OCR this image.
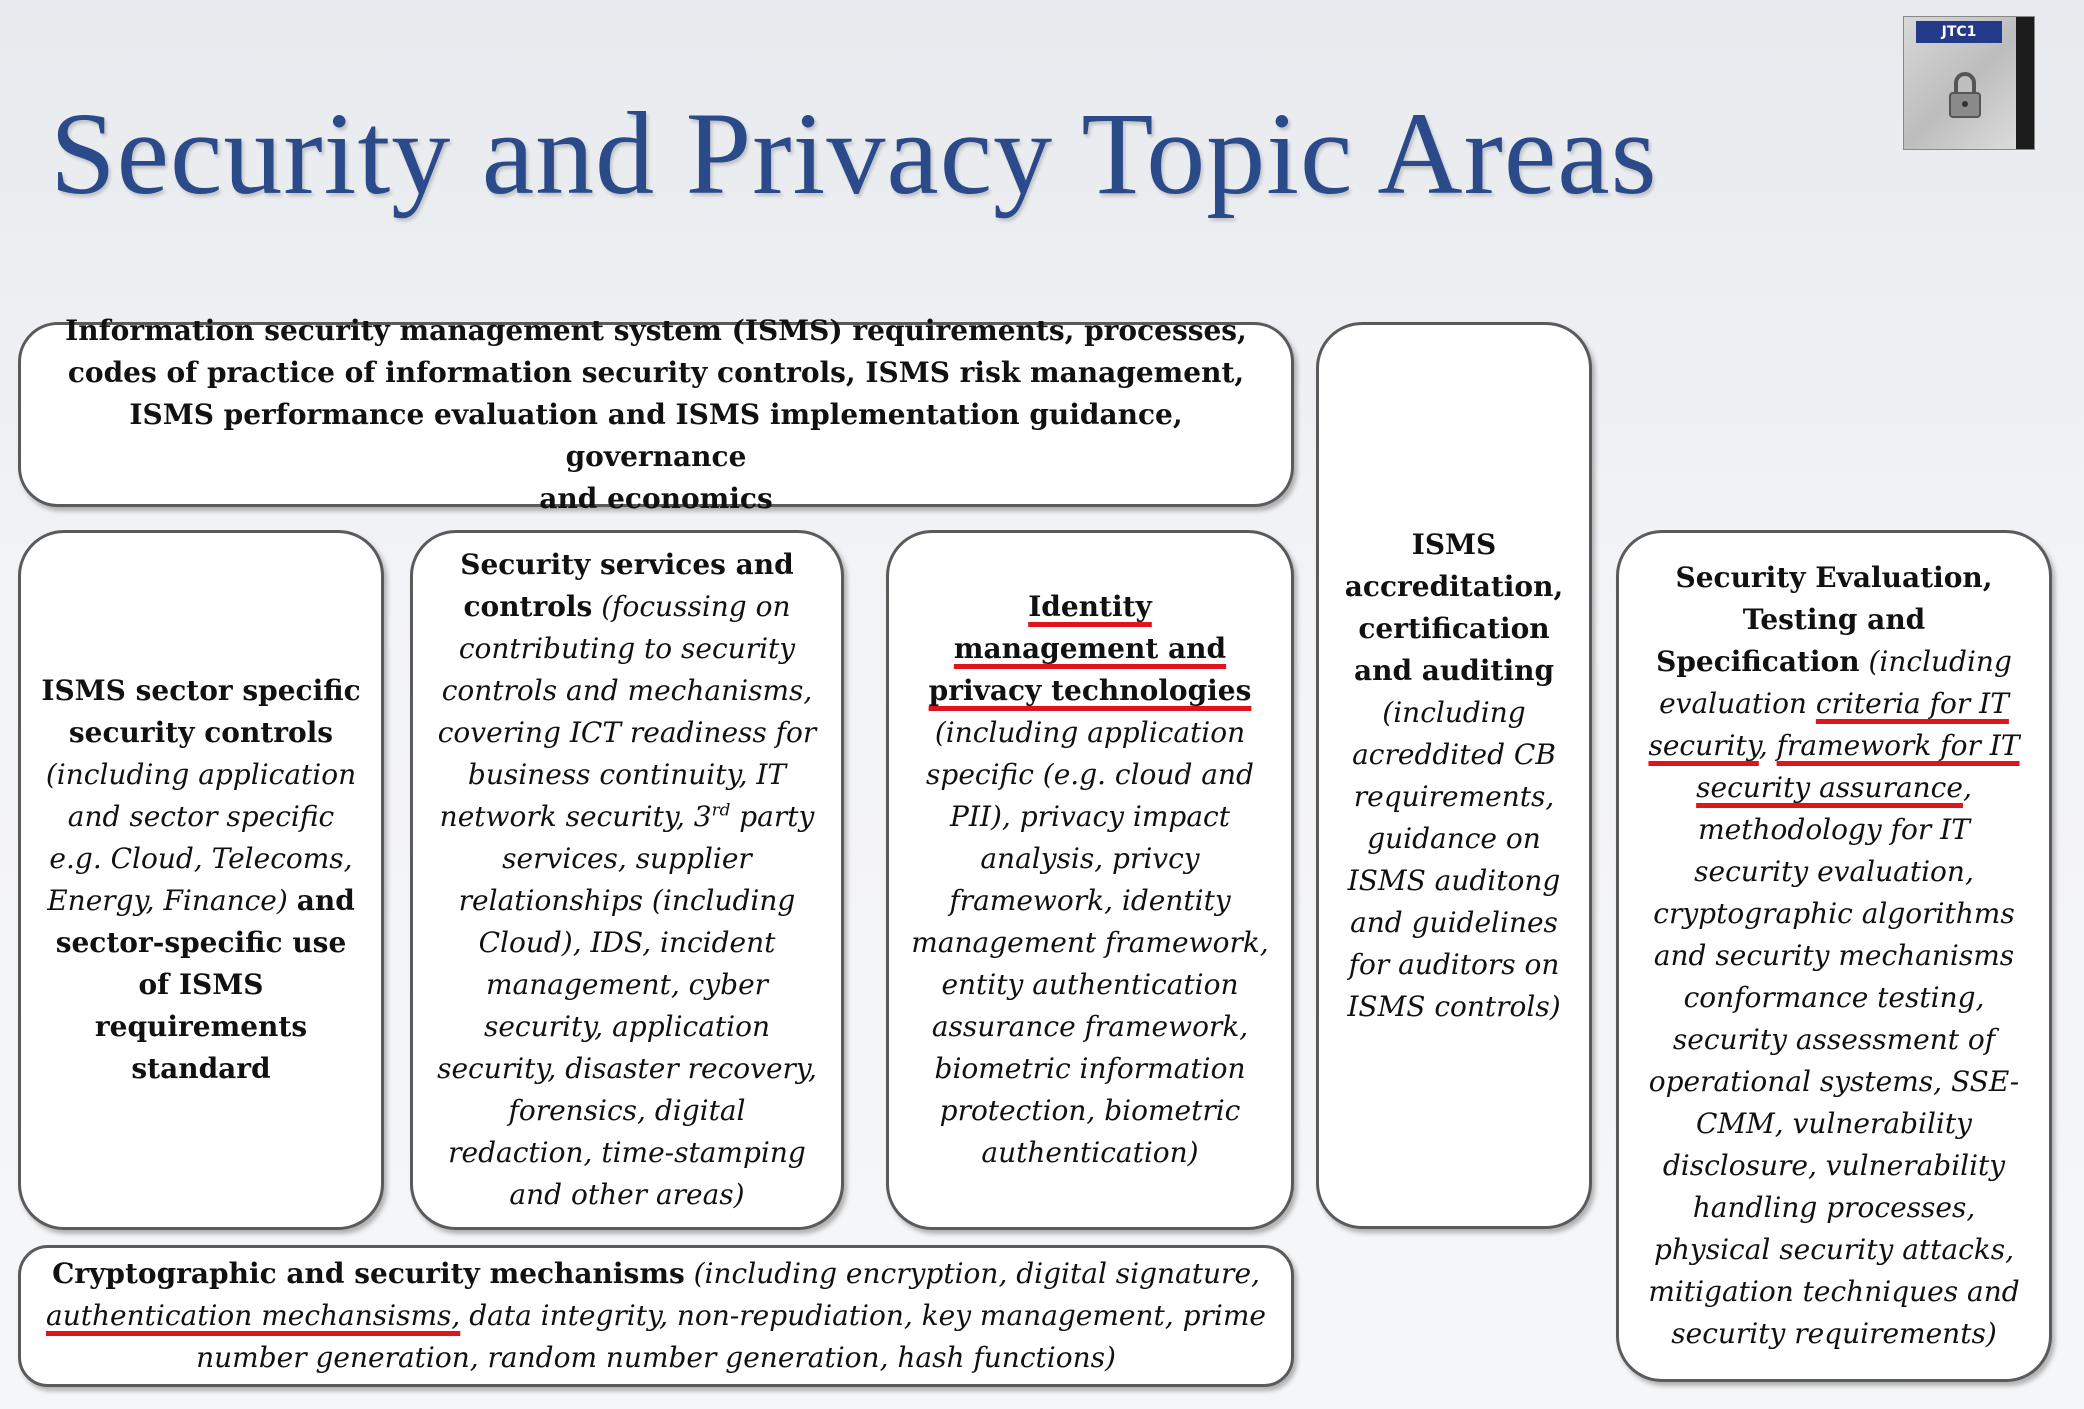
Security and Privacy Topic Areas
JTC1

Information security management system (ISMS) requirements, processes,

codes of practice of information security controls, ISMS risk management,

ISMS performance evaluation and ISMS implementation guidance, governance

and economics

ISMS sector specific security controls (including application and sector specific e.g. Cloud, Telecoms, Energy, Finance) and sector-specific use of ISMS requirements standard

Security services and controls (focussing on contributing to security controls and mechanisms, covering ICT readiness for business continuity, IT network security, 3rd party services, supplier relationships (including Cloud), IDS, incident management, cyber security, application security, disaster recovery, forensics, digital redaction, time-stamping and other areas)

Identity
management and
privacy technologies

(including application specific (e.g. cloud and PII), privacy impact analysis, privcy framework, identity management framework, entity authentication assurance framework, biometric information protection, biometric authentication)

ISMS accreditation, certification and auditing

(including acreddited CB requirements, guidance on ISMS auditong and guidelines for auditors on ISMS controls)

Security Evaluation, Testing and Specification (including evaluation criteria for IT security, framework for IT security assurance, methodology for IT security evaluation, cryptographic algorithms and security mechanisms conformance testing, security assessment of operational systems, SSE-CMM, vulnerability disclosure, vulnerability handling processes, physical security attacks, mitigation techniques and security requirements)

Cryptographic and security mechanisms (including encryption, digital signature,
authentication mechansisms, data integrity, non-repudiation, key management, prime number generation, random number generation, hash functions)
